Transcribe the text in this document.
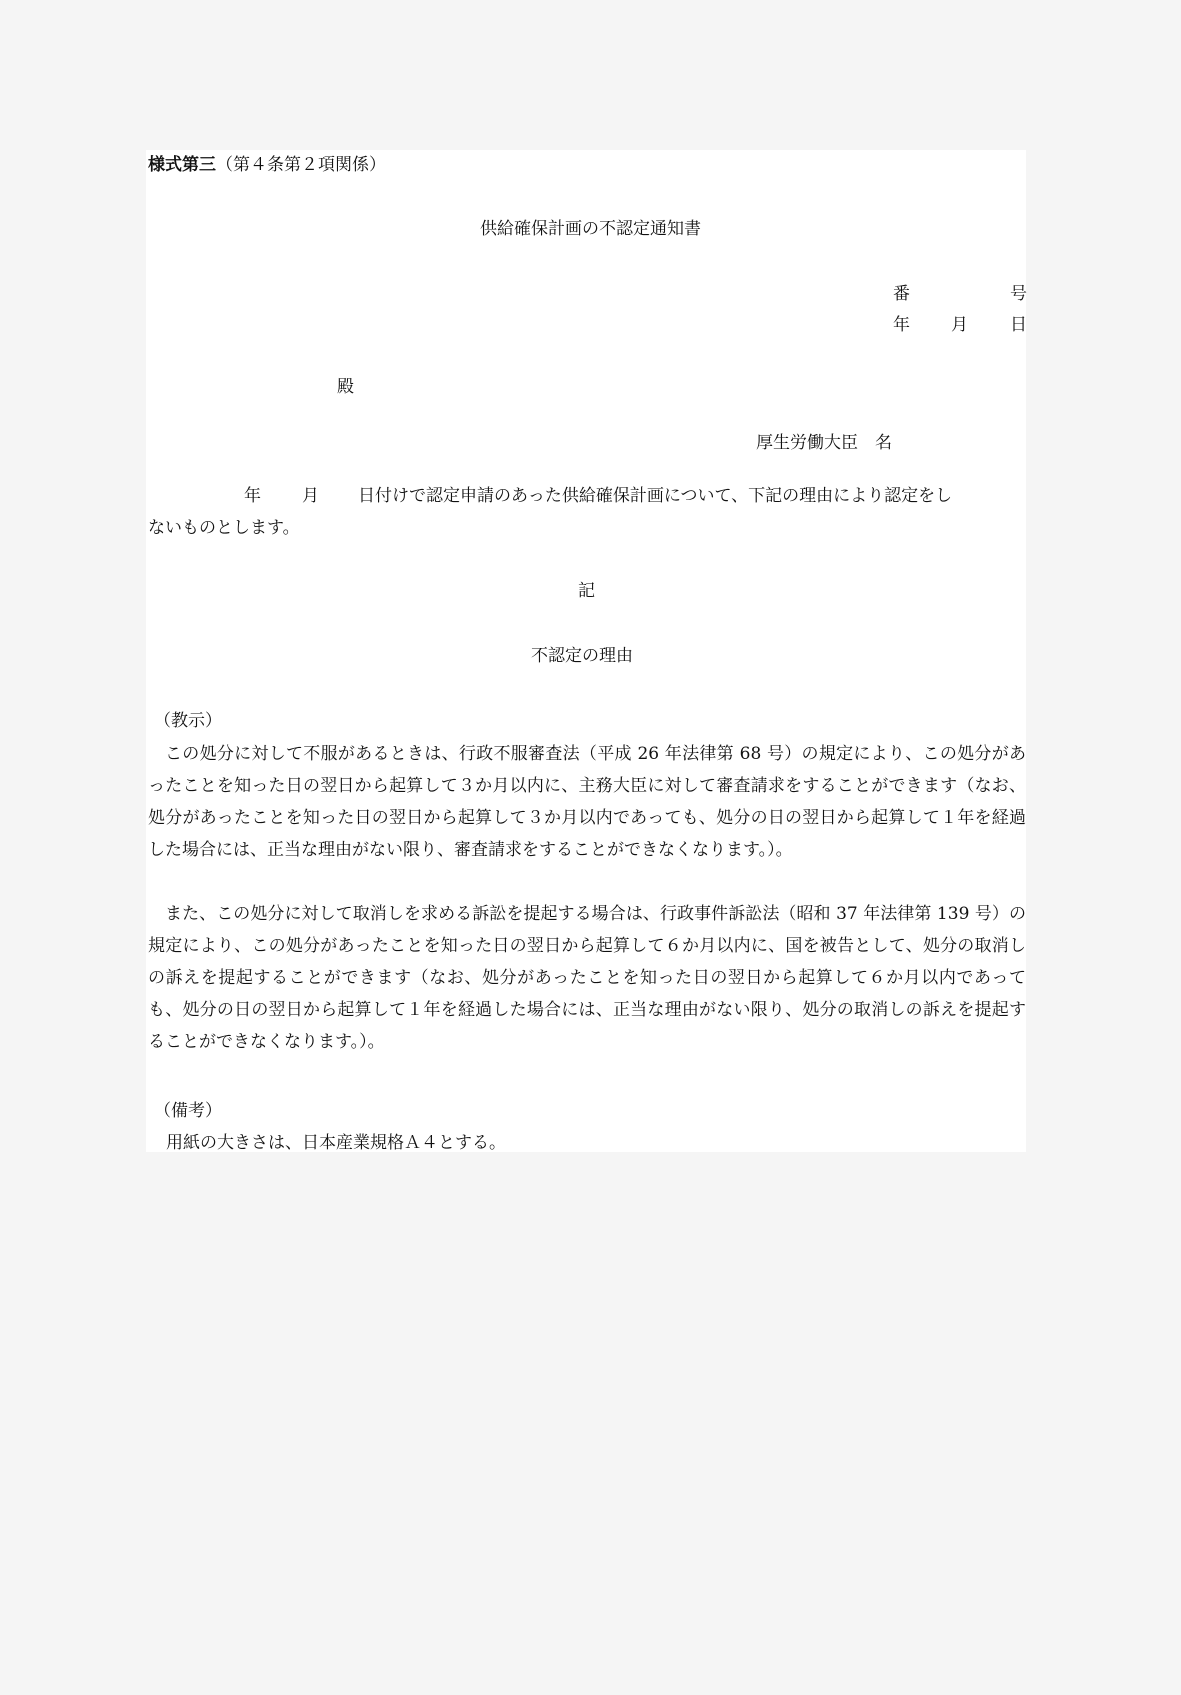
様式第三（第４条第２項関係）
供給確保計画の不認定通知書
番	号
年 月 日
殿
厚生労働大臣　名
年 月 日付けで認定申請のあった供給確保計画について、下記の理由により認定をし
ないものとします。
記
不認定の理由
（教示）
この処分に対して不服があるときは、行政不服審査法（平成 26 年法律第 68 号）の規定により、この処分があったことを知った日の翌日から起算して３か月以内に、主務大臣に対して審査請求をすることができます（なお、処分があったことを知った日の翌日から起算して３か月以内であっても、処分の日の翌日から起算して１年を経過した場合には、正当な理由がない限り、審査請求をすることができなくなります。）。
また、この処分に対して取消しを求める訴訟を提起する場合は、行政事件訴訟法（昭和 37 年法律第 139 号）の規定により、この処分があったことを知った日の翌日から起算して６か月以内に、国を被告として、処分の取消しの訴えを提起することができます（なお、処分があったことを知った日の翌日から起算して６か月以内であっても、処分の日の翌日から起算して１年を経過した場合には、正当な理由がない限り、処分の取消しの訴えを提起することができなくなります。）。
（備考）
用紙の大きさは、日本産業規格Ａ４とする。
